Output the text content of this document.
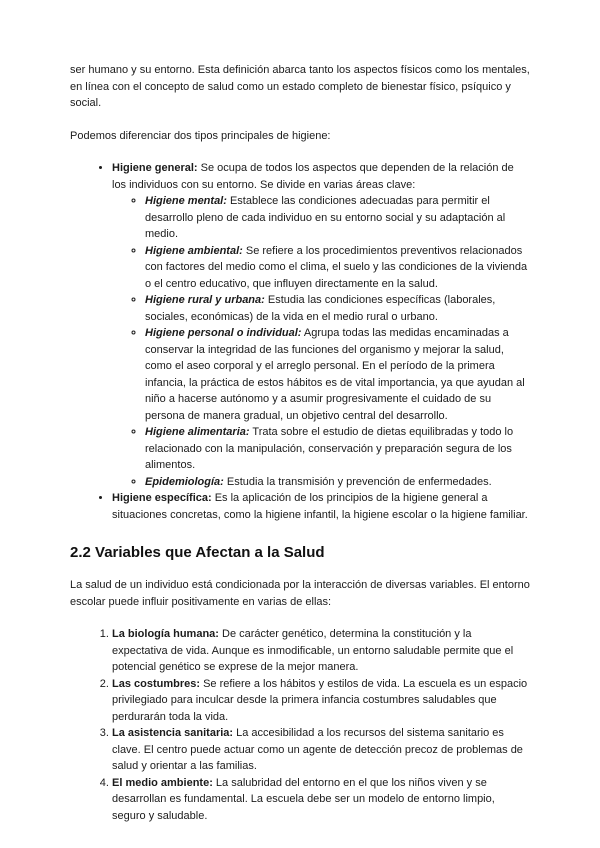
ser humano y su entorno. Esta definición abarca tanto los aspectos físicos como los mentales, en línea con el concepto de salud como un estado completo de bienestar físico, psíquico y social.

Podemos diferenciar dos tipos principales de higiene:

• Higiene general: Se ocupa de todos los aspectos que dependen de la relación de los individuos con su entorno. Se divide en varias áreas clave:
◦ Higiene mental: Establece las condiciones adecuadas para permitir el desarrollo pleno de cada individuo en su entorno social y su adaptación al medio.
◦ Higiene ambiental: Se refiere a los procedimientos preventivos relacionados con factores del medio como el clima, el suelo y las condiciones de la vivienda o el centro educativo, que influyen directamente en la salud.
◦ Higiene rural y urbana: Estudia las condiciones específicas (laborales, sociales, económicas) de la vida en el medio rural o urbano.
◦ Higiene personal o individual: Agrupa todas las medidas encaminadas a conservar la integridad de las funciones del organismo y mejorar la salud, como el aseo corporal y el arreglo personal. En el período de la primera infancia, la práctica de estos hábitos es de vital importancia, ya que ayudan al niño a hacerse autónomo y a asumir progresivamente el cuidado de su persona de manera gradual, un objetivo central del desarrollo.
◦ Higiene alimentaria: Trata sobre el estudio de dietas equilibradas y todo lo relacionado con la manipulación, conservación y preparación segura de los alimentos.
◦ Epidemiología: Estudia la transmisión y prevención de enfermedades.
• Higiene específica: Es la aplicación de los principios de la higiene general a situaciones concretas, como la higiene infantil, la higiene escolar o la higiene familiar.
2.2 Variables que Afectan a la Salud

La salud de un individuo está condicionada por la interacción de diversas variables. El entorno escolar puede influir positivamente en varias de ellas:

1. La biología humana: De carácter genético, determina la constitución y la expectativa de vida. Aunque es inmodificable, un entorno saludable permite que el potencial genético se exprese de la mejor manera.
2. Las costumbres: Se refiere a los hábitos y estilos de vida. La escuela es un espacio privilegiado para inculcar desde la primera infancia costumbres saludables que perdurarán toda la vida.
3. La asistencia sanitaria: La accesibilidad a los recursos del sistema sanitario es clave. El centro puede actuar como un agente de detección precoz de problemas de salud y orientar a las familias.
4. El medio ambiente: La salubridad del entorno en el que los niños viven y se desarrollan es fundamental. La escuela debe ser un modelo de entorno limpio, seguro y saludable.
